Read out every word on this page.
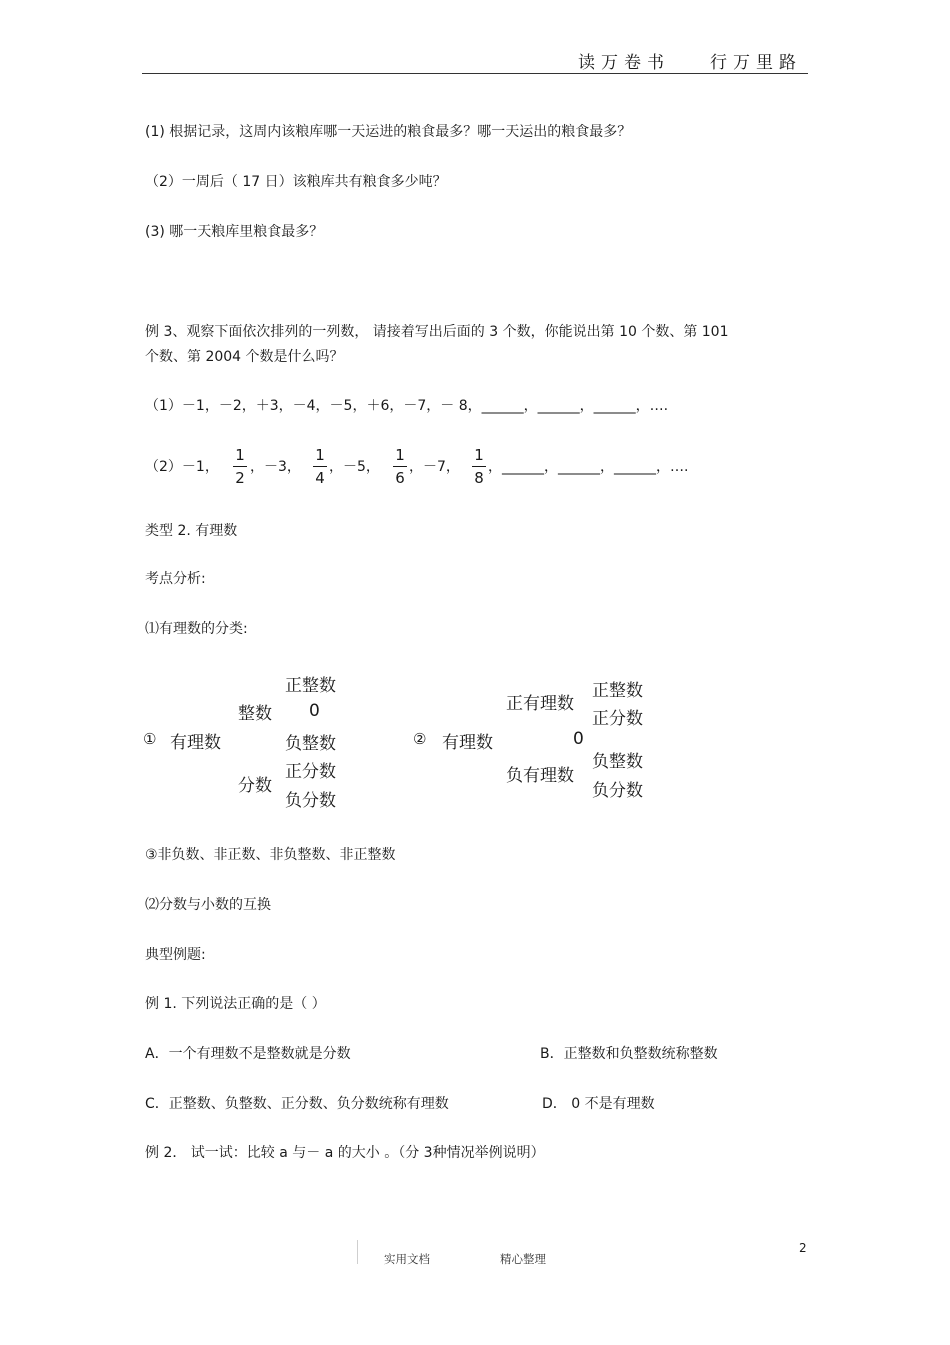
读万卷书 行万里路
(1) 根据记录，这周内该粮库哪一天运进的粮食最多？哪一天运出的粮食最多？
（2）一周后（ 17 日）该粮库共有粮食多少吨？
(3) 哪一天粮库里粮食最多？
例 3、观察下面依次排列的一列数， 请接着写出后面的 3 个数，你能说出第 10 个数、第 101
个数、第 2004 个数是什么吗？
（1）－1，－2，＋3，－4，－5，＋6，－7，－ 8，______，______，______，….
（2）－1，
1
2
，－3，
1
4
，－5，
1
6
，－7，
1
8
，______，______，______，….
类型 2. 有理数
考点分析:
⑴有理数的分类:
① 有理数
整数
分数
正整数
0
负整数
正分数
负分数
② 有理数
正有理数
0
负有理数
正整数
正分数
负整数
负分数
③非负数、非正数、非负整数、非正整数
⑵分数与小数的互换
典型例题:
例 1. 下列说法正确的是（ ）
A．一个有理数不是整数就是分数	B．正整数和负整数统称整数
C．正整数、负整数、正分数、负分数统称有理数	D． 0 不是有理数
例 2． 试一试：比较 a 与－ a 的大小 。（分 3种情况举例说明）
2
实用文档	精心整理
